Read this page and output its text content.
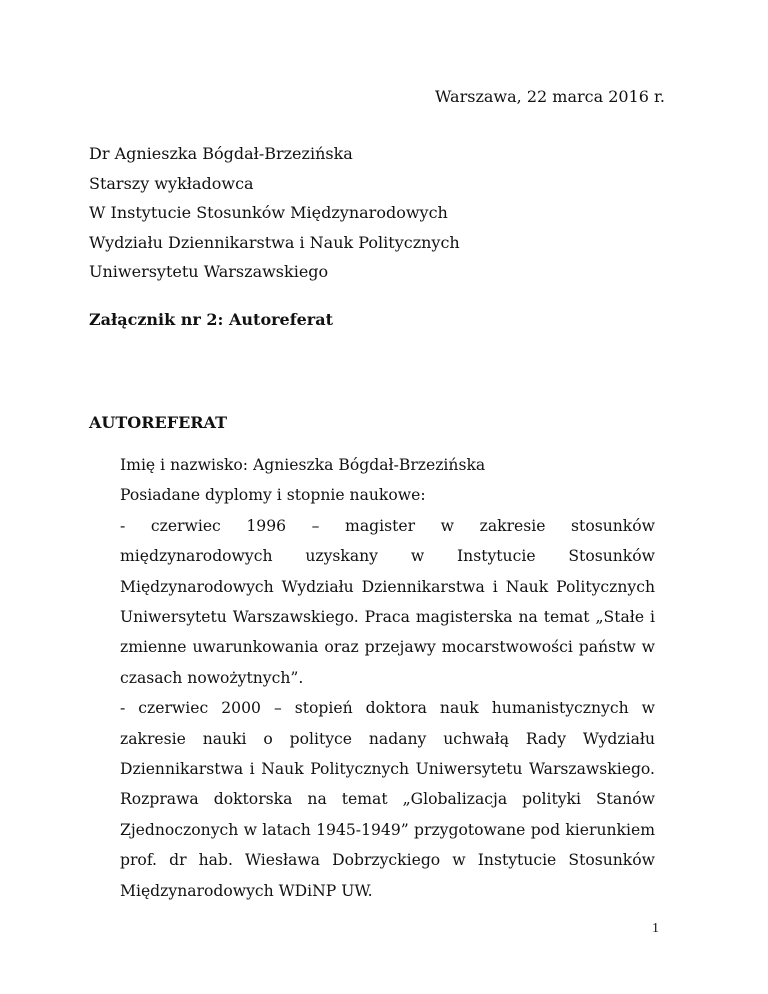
Warszawa, 22 marca 2016 r.
Dr Agnieszka Bógdał-Brzezińska
Starszy wykładowca
W Instytucie Stosunków Międzynarodowych
Wydziału Dziennikarstwa i Nauk Politycznych
Uniwersytetu Warszawskiego
Załącznik nr 2: Autoreferat
AUTOREFERAT

Imię i nazwisko: Agnieszka Bógdał-Brzezińska

Posiadane dyplomy i stopnie naukowe:

- czerwiec 1996 – magister w zakresie stosunków międzynarodowych uzyskany w Instytucie Stosunków Międzynarodowych Wydziału Dziennikarstwa i Nauk Politycznych Uniwersytetu Warszawskiego. Praca magisterska na temat „Stałe i zmienne uwarunkowania oraz przejawy mocarstwowości państw w czasach nowożytnych”.

- czerwiec 2000 – stopień doktora nauk humanistycznych w zakresie nauki o polityce nadany uchwałą Rady Wydziału Dziennikarstwa i Nauk Politycznych Uniwersytetu Warszawskiego. Rozprawa doktorska na temat „Globalizacja polityki Stanów Zjednoczonych w latach 1945-1949” przygotowane pod kierunkiem prof. dr hab. Wiesława Dobrzyckiego w Instytucie Stosunków Międzynarodowych WDiNP UW.

1
